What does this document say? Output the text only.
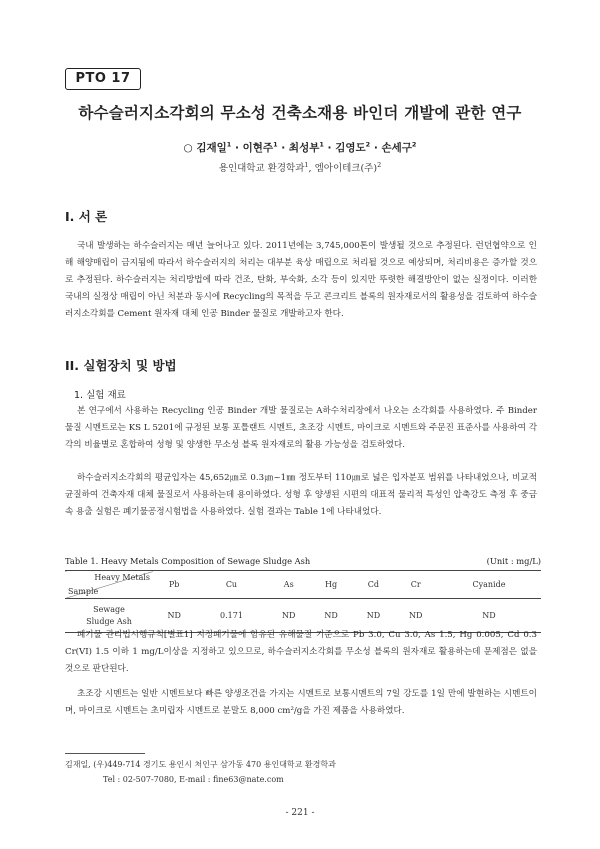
PTO 17
하수슬러지소각회의 무소성 건축소재용 바인더 개발에 관한 연구
○ 김재일$^1$ · 이현주$^1$ · 최성부$^1$ · 김영도$^2$ · 손세구$^2$
용인대학교 환경학과$^1$, 엠아이테크(주)$^2$
I. 서 론
국내 발생하는 하수슬러지는 매년 늘어나고 있다. 2011년에는 3,745,000톤이 발생될 것으로 추정된다. 런던협약으로 인해 해양매립이 금지됨에 따라서 하수슬러지의 처리는 대부분 육상 매립으로 처리될 것으로 예상되며, 처리비용은 증가할 것으로 추정된다. 하수슬러지는 처리방법에 따라 건조, 탄화, 부숙화, 소각 등이 있지만 뚜렷한 해결방안이 없는 실정이다. 이러한 국내의 실정상 매립이 아닌 처분과 동시에 Recycling의 목적을 두고 콘크리트 블록의 원자재로서의 활용성을 검토하여 하수슬러지소각회를 Cement 원자재 대체 인공 Binder 물질로 개발하고자 한다.
II. 실험장치 및 방법
1. 실험 재료
본 연구에서 사용하는 Recycling 인공 Binder 개발 물질로는 A하수처리장에서 나오는 소각회를 사용하였다. 주 Binder 물질 시멘트로는 KS L 5201에 규정된 보통 포틀랜트 시멘트, 초조강 시멘트, 마이크로 시멘트와 주문진 표준사를 사용하여 각각의 비율별로 혼합하여 성형 및 양생한 무소성 블록 원자재로의 활용 가능성을 검토하였다.
하수슬러지소각회의 평균입자는 45,652㎛로 0.3㎛~1㎜ 정도부터 110㎛로 넓은 입자분포 범위를 나타내었으나, 비교적 균질하여 건축자재 대체 물질로서 사용하는데 용이하였다. 성형 후 양생된 시편의 대표적 물리적 특성인 압축강도 측정 후 중금속 용출 실험은 폐기물공정시험법을 사용하였다. 실험 결과는 Table 1에 나타내었다.
Table 1. Heavy Metals Composition of Sewage Sludge Ash	(Unit : mg/L)
Heavy Metals
Sample	Pb	Cu	As	Hg	Cd	Cr	Cyanide

Sewage
Sludge Ash	ND	0.171	ND	ND	ND	ND	ND
폐기물 관리법시행규칙[별표1] 지정폐기물에 함유된 유해물질 기준으로 Pb 3.0, Cu 3.0, As 1.5, Hg 0.005, Cd 0.3 Cr(VI) 1.5 이하 1 mg/L이상을 지정하고 있으므로, 하수슬러지소각회를 무소성 블록의 원자재로 활용하는데 문제점은 없을 것으로 판단된다.
초조강 시멘트는 일반 시멘트보다 빠른 양생조건을 가지는 시멘트로 보통시멘트의 7일 강도를 1일 만에 발현하는 시멘트이며, 마이크로 시멘트는 초미립자 시멘트로 분말도 8,000 cm²/g을 가진 제품을 사용하였다.
김재일, (우)449-714 경기도 용인시 처인구 삼가동 470 용인대학교 환경학과
Tel : 02-507-7080, E-mail : fine63@nate.com
- 221 -
